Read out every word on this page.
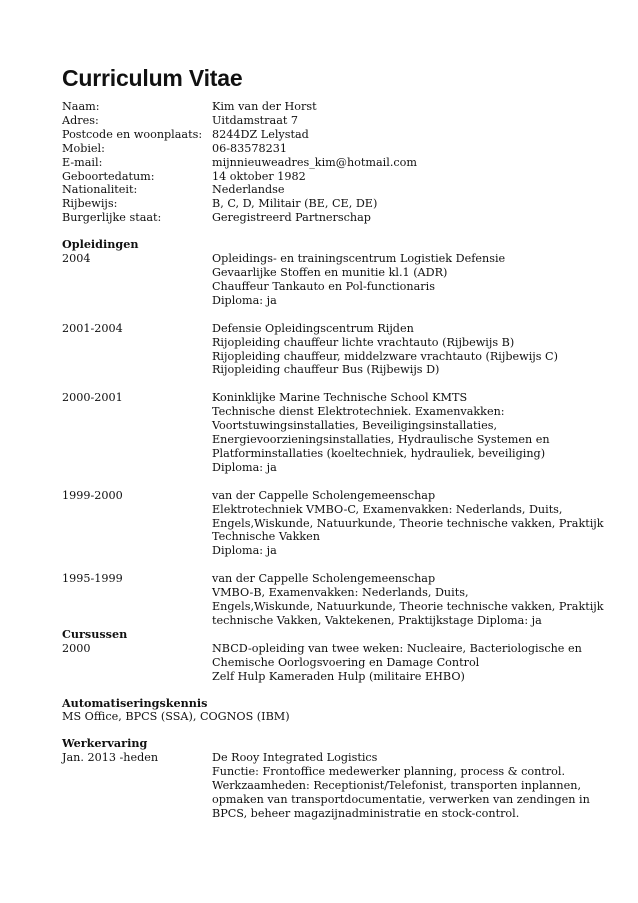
Curriculum Vitae
Naam:	Kim van der Horst
Adres:	Uitdamstraat 7
Postcode en woonplaats: 8244DZ Lelystad
Mobiel:	06-83578231
E-mail:	mijnnieuweadres_kim@hotmail.com
Geboortedatum:	14 oktober 1982
Nationaliteit:	Nederlandse
Rijbewijs:	B, C, D, Militair (BE, CE, DE)
Burgerlijke staat:	Geregistreerd Partnerschap
Opleidingen
2004	Opleidings- en trainingscentrum Logistiek Defensie
Gevaarlijke Stoffen en munitie kl.1 (ADR)
Chauffeur Tankauto en Pol-functionaris
Diploma: ja
2001-2004	Defensie Opleidingscentrum Rijden
Rijopleiding chauffeur lichte vrachtauto (Rijbewijs B)
Rijopleiding chauffeur, middelzware vrachtauto (Rijbewijs C)
Rijopleiding chauffeur Bus (Rijbewijs D)
2000-2001	Koninklijke Marine Technische School KMTS
Technische dienst Elektrotechniek. Examenvakken:
Voortstuwingsinstallaties, Beveiligingsinstallaties,
Energievoorzieningsinstallaties, Hydraulische Systemen en
Platforminstallaties (koeltechniek, hydrauliek, beveiliging)
Diploma: ja
1999-2000	van der Cappelle Scholengemeenschap
Elektrotechniek VMBO-C, Examenvakken: Nederlands, Duits,
Engels,Wiskunde, Natuurkunde, Theorie technische vakken, Praktijk
Technische Vakken
Diploma: ja
1995-1999	van der Cappelle Scholengemeenschap
VMBO-B, Examenvakken: Nederlands, Duits,
Engels,Wiskunde, Natuurkunde, Theorie technische vakken, Praktijk
technische Vakken, Vaktekenen, Praktijkstage Diploma: ja
Cursussen
2000	NBCD-opleiding van twee weken: Nucleaire, Bacteriologische en
Chemische Oorlogsvoering en Damage Control
Zelf Hulp Kameraden Hulp (militaire EHBO)
Automatiseringskennis
MS Office, BPCS (SSA), COGNOS (IBM)
Werkervaring
Jan. 2013 -heden	De Rooy Integrated Logistics
Functie: Frontoffice medewerker planning, process & control.
Werkzaamheden: Receptionist/Telefonist, transporten inplannen,
opmaken van transportdocumentatie, verwerken van zendingen in
BPCS, beheer magazijnadministratie en stock-control.
